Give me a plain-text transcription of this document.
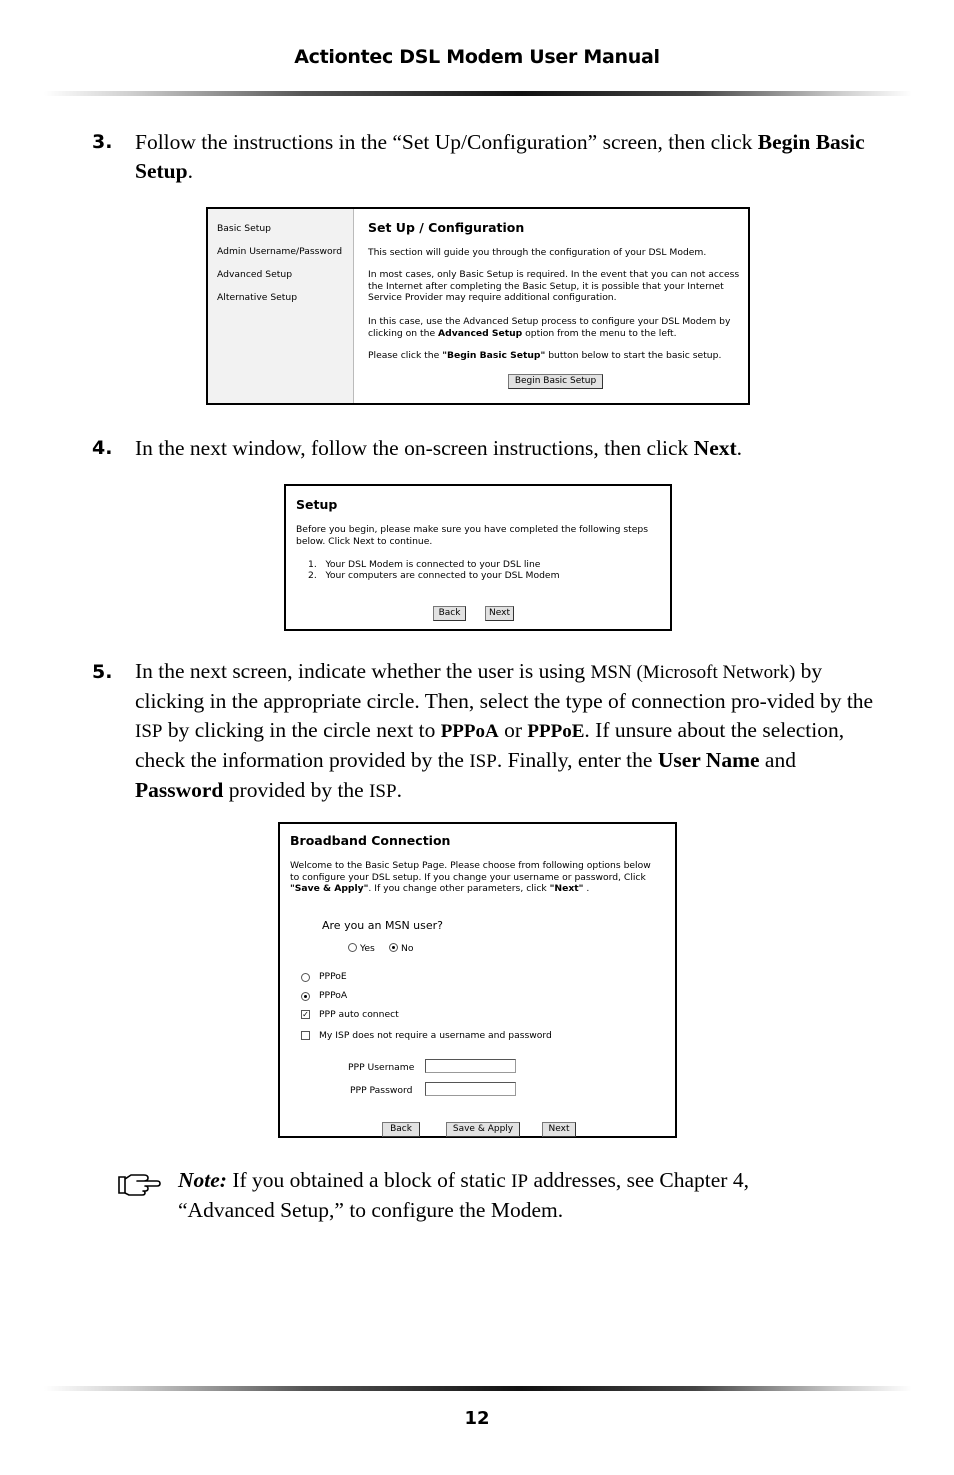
Actiontec DSL Modem User Manual
3. Follow the instructions in the “Set Up/Configuration” screen, then click Begin Basic Setup.
Basic Setup
Admin Username/Password
Advanced Setup
Alternative Setup
Set Up / Configuration
This section will guide you through the configuration of your DSL Modem.
In most cases, only Basic Setup is required. In the event that you can not access the Internet after completing the Basic Setup, it is possible that your Internet Service Provider may require additional configuration.
In this case, use the Advanced Setup process to configure your DSL Modem by clicking on the Advanced Setup option from the menu to the left.
Please click the "Begin Basic Setup" button below to start the basic setup.
Begin Basic Setup
4. In the next window, follow the on-screen instructions, then click Next.
Setup
Before you begin, please make sure you have completed the following steps below. Click Next to continue.
1.   Your DSL Modem is connected to your DSL line
2.   Your computers are connected to your DSL Modem
Back	Next
5. In the next screen, indicate whether the user is using MSN (Microsoft Network) by clicking in the appropriate circle. Then, select the type of connection pro-vided by the ISP by clicking in the circle next to PPPoA or PPPoE. If unsure about the selection, check the information provided by the ISP. Finally, enter the User Name and Password provided by the ISP.
Broadband Connection
Welcome to the Basic Setup Page. Please choose from following options below to configure your DSL setup. If you change your username or password, Click "Save & Apply". If you change other parameters, click "Next" .
Are you an MSN user?
Yes	No
PPPoE
PPPoA
✓ PPP auto connect
My ISP does not require a username and password
PPP Username
PPP Password
Back	Save & Apply	Next
Note: If you obtained a block of static IP addresses, see Chapter 4, “Advanced Setup,” to configure the Modem.
12
